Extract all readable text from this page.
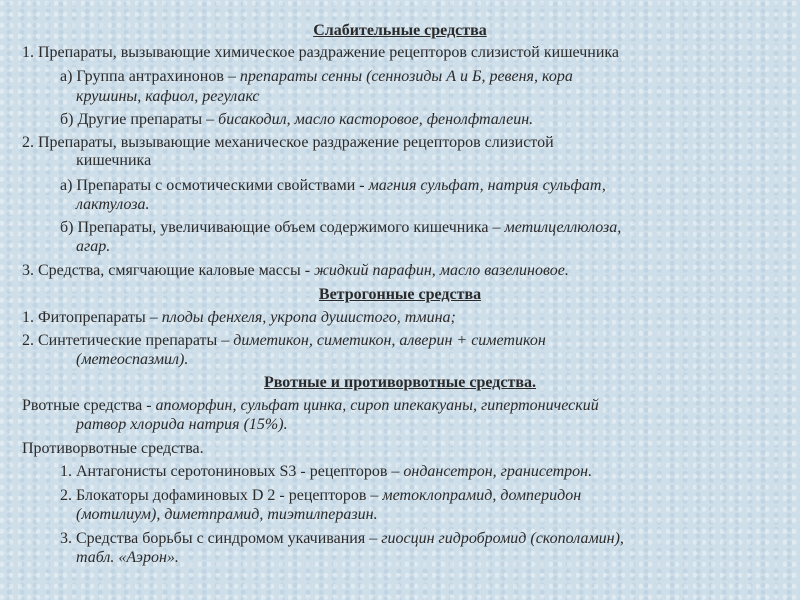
Слабительные средства
1. Препараты, вызывающие химическое раздражение рецепторов слизистой кишечника
а) Группа антрахинонов – препараты сенны (сеннозиды А и Б, ревеня, кора
крушины, кафиол, регулакс
б) Другие препараты – бисакодил, масло касторовое, фенолфталеин.
2. Препараты, вызывающие механическое раздражение рецепторов слизистой
кишечника
а) Препараты с осмотическими свойствами - магния сульфат, натрия сульфат,
лактулоза.
б) Препараты, увеличивающие объем содержимого кишечника – метилцеллюлоза,
агар.
3. Средства, смягчающие каловые массы - жидкий парафин, масло вазелиновое.
Ветрогонные средства
1. Фитопрепараты – плоды фенхеля, укропа душистого, тмина;
2. Синтетические препараты – диметикон, симетикон, алверин + симетикон
(метеоспазмил).
Рвотные и противорвотные средства.
Рвотные средства - апоморфин, сульфат цинка, сироп ипекакуаны, гипертонический
ратвор хлорида натрия (15%).
Противорвотные средства.
1. Антагонисты серотониновых S3 - рецепторов – ондансетрон, гранисетрон.
2. Блокаторы дофаминовых D 2 - рецепторов – метоклопрамид, домперидон
(мотилиум), диметпрамид, тиэтилперазин.
3. Средства борьбы с синдромом укачивания – гиосцин гидробромид (скополамин),
табл. «Аэрон».
